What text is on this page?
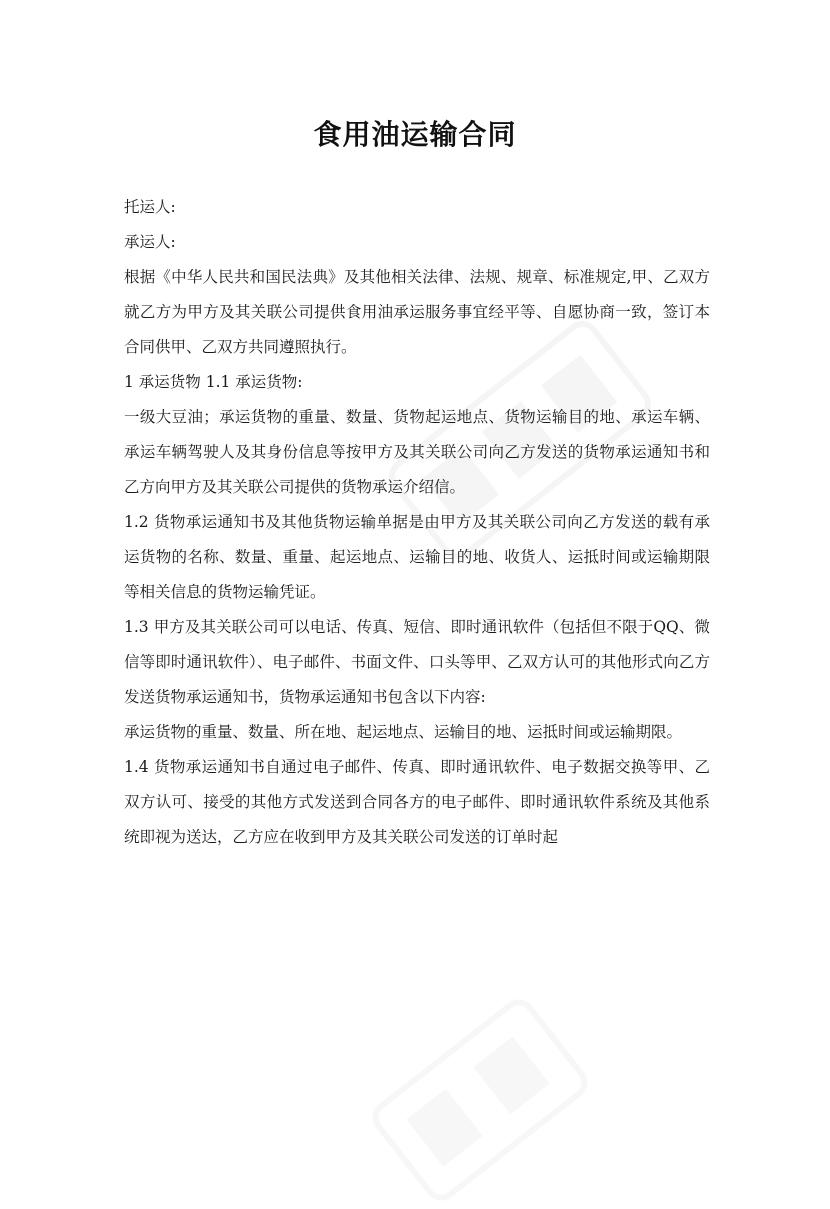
食用油运输合同

托运人:

承运人:

根据《中华人民共和国民法典》及其他相关法律、法规、规章、标准规定,甲、乙双方就乙方为甲方及其关联公司提供食用油承运服务事宜经平等、自愿协商一致，签订本合同供甲、乙双方共同遵照执行。

1 承运货物 1.1 承运货物:

一级大豆油；承运货物的重量、数量、货物起运地点、货物运输目的地、承运车辆、承运车辆驾驶人及其身份信息等按甲方及其关联公司向乙方发送的货物承运通知书和乙方向甲方及其关联公司提供的货物承运介绍信。

1.2 货物承运通知书及其他货物运输单据是由甲方及其关联公司向乙方发送的载有承运货物的名称、数量、重量、起运地点、运输目的地、收货人、运抵时间或运输期限等相关信息的货物运输凭证。

1.3 甲方及其关联公司可以电话、传真、短信、即时通讯软件（包括但不限于QQ、微信等即时通讯软件）、电子邮件、书面文件、口头等甲、乙双方认可的其他形式向乙方发送货物承运通知书，货物承运通知书包含以下内容:

承运货物的重量、数量、所在地、起运地点、运输目的地、运抵时间或运输期限。

1.4 货物承运通知书自通过电子邮件、传真、即时通讯软件、电子数据交换等甲、乙双方认可、接受的其他方式发送到合同各方的电子邮件、即时通讯软件系统及其他系统即视为送达，乙方应在收到甲方及其关联公司发送的订单时起
